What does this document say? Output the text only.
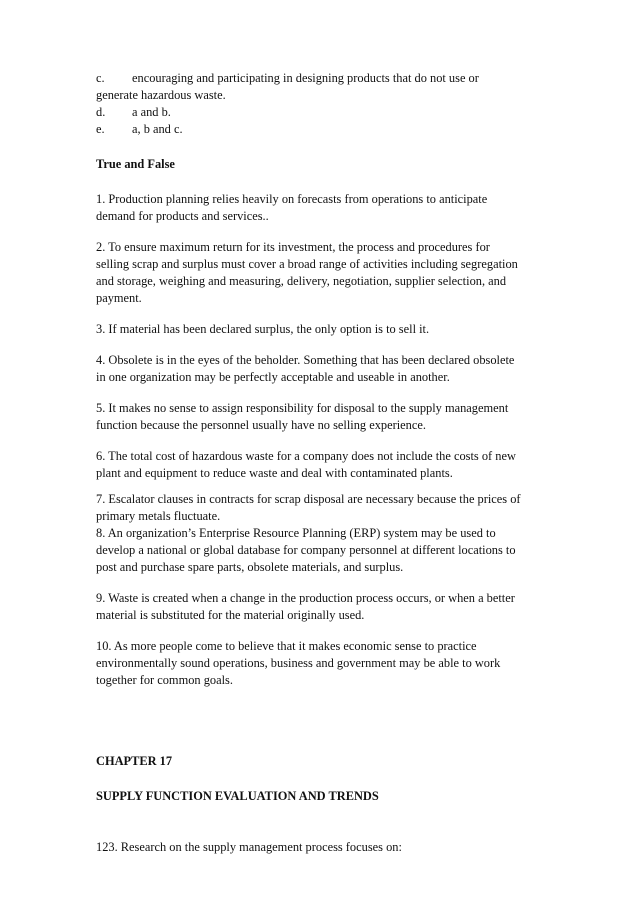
c.	encouraging and participating in designing products that do not use or
generate hazardous waste.
d.	a and b.
e.	a, b and c.
True and False
1. Production planning relies heavily on forecasts from operations to anticipate
demand for products and services..
2. To ensure maximum return for its investment, the process and procedures for
selling scrap and surplus must cover a broad range of activities including segregation
and storage, weighing and measuring, delivery, negotiation, supplier selection, and
payment.
3. If material has been declared surplus, the only option is to sell it.
4. Obsolete is in the eyes of the beholder. Something that has been declared obsolete
in one organization may be perfectly acceptable and useable in another.
5. It makes no sense to assign responsibility for disposal to the supply management
function because the personnel usually have no selling experience.
6. The total cost of hazardous waste for a company does not include the costs of new
plant and equipment to reduce waste and deal with contaminated plants.
7. Escalator clauses in contracts for scrap disposal are necessary because the prices of
primary metals fluctuate.
8. An organization’s Enterprise Resource Planning (ERP) system may be used to
develop a national or global database for company personnel at different locations to
post and purchase spare parts, obsolete materials, and surplus.
9. Waste is created when a change in the production process occurs, or when a better
material is substituted for the material originally used.
10. As more people come to believe that it makes economic sense to practice
environmentally sound operations, business and government may be able to work
together for common goals.
CHAPTER 17
SUPPLY FUNCTION EVALUATION AND TRENDS
123. Research on the supply management process focuses on:
